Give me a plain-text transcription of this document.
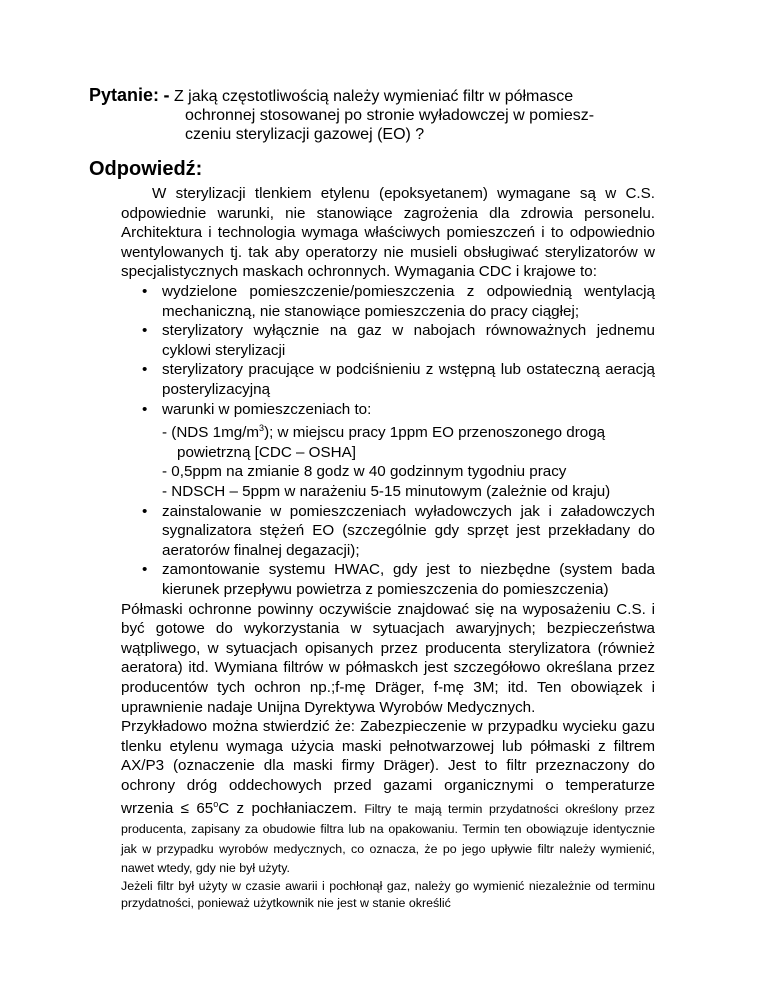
Pytanie: - Z jaką częstotliwością należy wymieniać filtr w półmasce
ochronnej stosowanej po stronie wyładowczej w pomiesz-
czeniu sterylizacji gazowej (EO) ?
Odpowiedź:

W sterylizacji tlenkiem etylenu (epoksyetanem) wymagane są w C.S. odpowiednie warunki, nie stanowiące zagrożenia dla zdrowia personelu. Architektura i technologia wymaga właściwych pomieszczeń i to odpowiednio wentylowanych tj. tak aby operatorzy nie musieli obsługiwać sterylizatorów w specjalistycznych maskach ochronnych. Wymagania CDC i krajowe to:

• wydzielone pomieszczenie/pomieszczenia z odpowiednią wentylacją mechaniczną, nie stanowiące pomieszczenia do pracy ciągłej;
• sterylizatory wyłącznie na gaz w nabojach równoważnych jednemu cyklowi sterylizacji
• sterylizatory pracujące w podciśnieniu z wstępną lub ostateczną aeracją posterylizacyjną
• warunki w pomieszczeniach to:
- (NDS $1mg/m^3$); w miejscu pracy 1ppm EO przenoszonego drogą
powietrzną [CDC – OSHA]
- 0,5ppm na zmianie 8 godz w 40 godzinnym tygodniu pracy
- NDSCH – 5ppm w narażeniu 5-15 minutowym (zależnie od kraju)
• zainstalowanie w pomieszczeniach wyładowczych jak i załadowczych sygnalizatora stężeń EO (szczególnie gdy sprzęt jest przekładany do aeratorów finalnej degazacji);
• zamontowanie systemu HWAC, gdy jest to niezbędne (system bada kierunek przepływu powietrza z pomieszczenia do pomieszczenia)

Półmaski ochronne powinny oczywiście znajdować się na wyposażeniu C.S. i być gotowe do wykorzystania w sytuacjach awaryjnych; bezpieczeństwa wątpliwego, w sytuacjach opisanych przez producenta sterylizatora (również aeratora) itd. Wymiana filtrów w półmaskch jest szczegółowo określana przez producentów tych ochron np.;f-mę Dräger, f-mę 3M; itd. Ten obowiązek i uprawnienie nadaje Unijna Dyrektywa Wyrobów Medycznych.

Przykładowo można stwierdzić że: Zabezpieczenie w przypadku wycieku gazu tlenku etylenu wymaga użycia maski pełnotwarzowej lub półmaski z filtrem AX/P3 (oznaczenie dla maski firmy Dräger). Jest to filtr przeznaczony do ochrony dróg oddechowych przed gazami organicznymi o temperaturze wrzenia ≤ $65^oC$ z pochłaniaczem. Filtry te mają termin przydatności określony przez producenta, zapisany za obudowie filtra lub na opakowaniu. Termin ten obowiązuje identycznie jak w przypadku wyrobów medycznych, co oznacza, że po jego upływie filtr należy wymienić, nawet wtedy, gdy nie był użyty.

Jeżeli filtr był użyty w czasie awarii i pochłonął gaz, należy go wymienić niezależnie od terminu przydatności, ponieważ użytkownik nie jest w stanie określić
